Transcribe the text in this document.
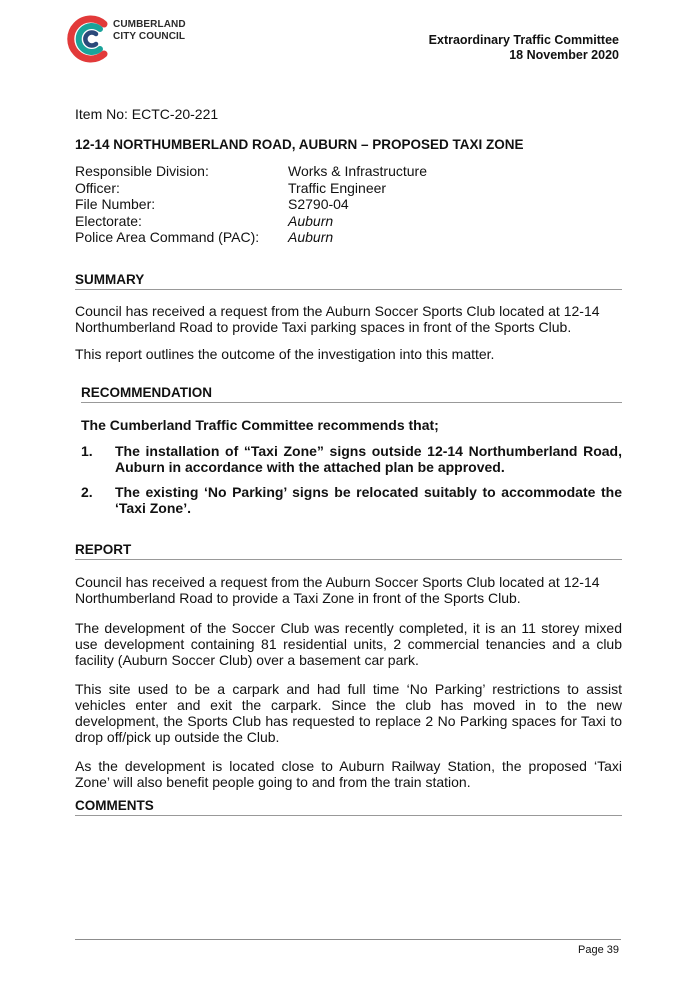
CUMBERLAND
CITY COUNCIL	Extraordinary Traffic Committee
18 November 2020

Item No: ECTC-20-221

12-14 NORTHUMBERLAND ROAD, AUBURN – PROPOSED TAXI ZONE

Responsible Division:	Works & Infrastructure
Officer:	Traffic Engineer
File Number:	S2790-04
Electorate:	Auburn
Police Area Command (PAC):	Auburn
SUMMARY

Council has received a request from the Auburn Soccer Sports Club located at 12-14 Northumberland Road to provide Taxi parking spaces in front of the Sports Club.

This report outlines the outcome of the investigation into this matter.

RECOMMENDATION

The Cumberland Traffic Committee recommends that;

1.	The installation of “Taxi Zone” signs outside 12-14 Northumberland Road, Auburn in accordance with the attached plan be approved.
2.	The existing ‘No Parking’ signs be relocated suitably to accommodate the ‘Taxi Zone’.
REPORT

Council has received a request from the Auburn Soccer Sports Club located at 12-14 Northumberland Road to provide a Taxi Zone in front of the Sports Club.

The development of the Soccer Club was recently completed, it is an 11 storey mixed use development containing 81 residential units, 2 commercial tenancies and a club facility (Auburn Soccer Club) over a basement car park.

This site used to be a carpark and had full time ‘No Parking’ restrictions to assist vehicles enter and exit the carpark. Since the club has moved in to the new development, the Sports Club has requested to replace 2 No Parking spaces for Taxi to drop off/pick up outside the Club.

As the development is located close to Auburn Railway Station, the proposed ‘Taxi Zone’ will also benefit people going to and from the train station.

COMMENTS
Page 39
